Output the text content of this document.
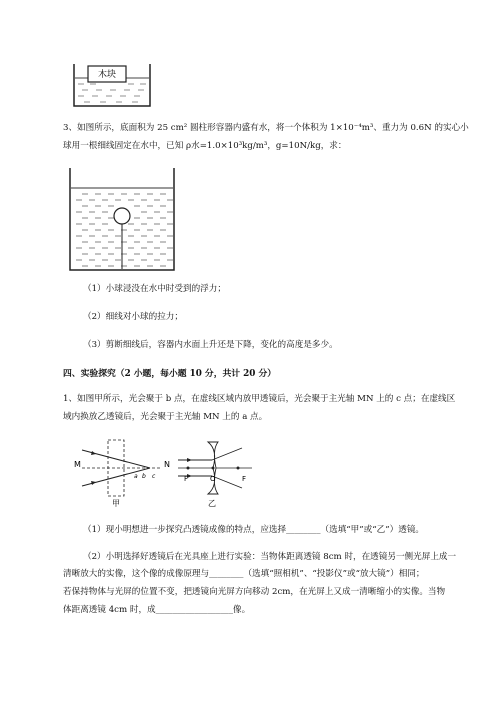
木块
3、如图所示，底面积为 25 cm² 圆柱形容器内盛有水，将一个体积为 1×10⁻⁴m³、重力为 0.6N 的实心小
球用一根细线固定在水中，已知 ρ水=1.0×10³kg/m³，g=10N/kg，求：
（1）小球浸没在水中时受到的浮力；
（2）细线对小球的拉力；
（3）剪断细线后，容器内水面上升还是下降，变化的高度是多少。
四、实验探究（2 小题，每小题 10 分，共计 20 分）
1、如图甲所示，光会聚于 b 点，在虚线区域内放甲透镜后，光会聚于主光轴 MN 上的 c 点；在虚线区
域内换放乙透镜后，光会聚于主光轴 MN 上的 a 点。
M	N
a b c
甲
F	O	F
乙
（1）现小明想进一步探究凸透镜成像的特点，应选择________（选填“甲”或“乙”）透镜。
（2）小明选择好透镜后在光具座上进行实验：当物体距离透镜 8cm 时，在透镜另一侧光屏上成一
清晰放大的实像，这个像的成像原理与________（选填“照相机”、“投影仪”或“放大镜”）相同；
若保持物体与光屏的位置不变，把透镜向光屏方向移动 2cm，在光屏上又成一清晰缩小的实像。当物
体距离透镜 4cm 时，成__________________像。
